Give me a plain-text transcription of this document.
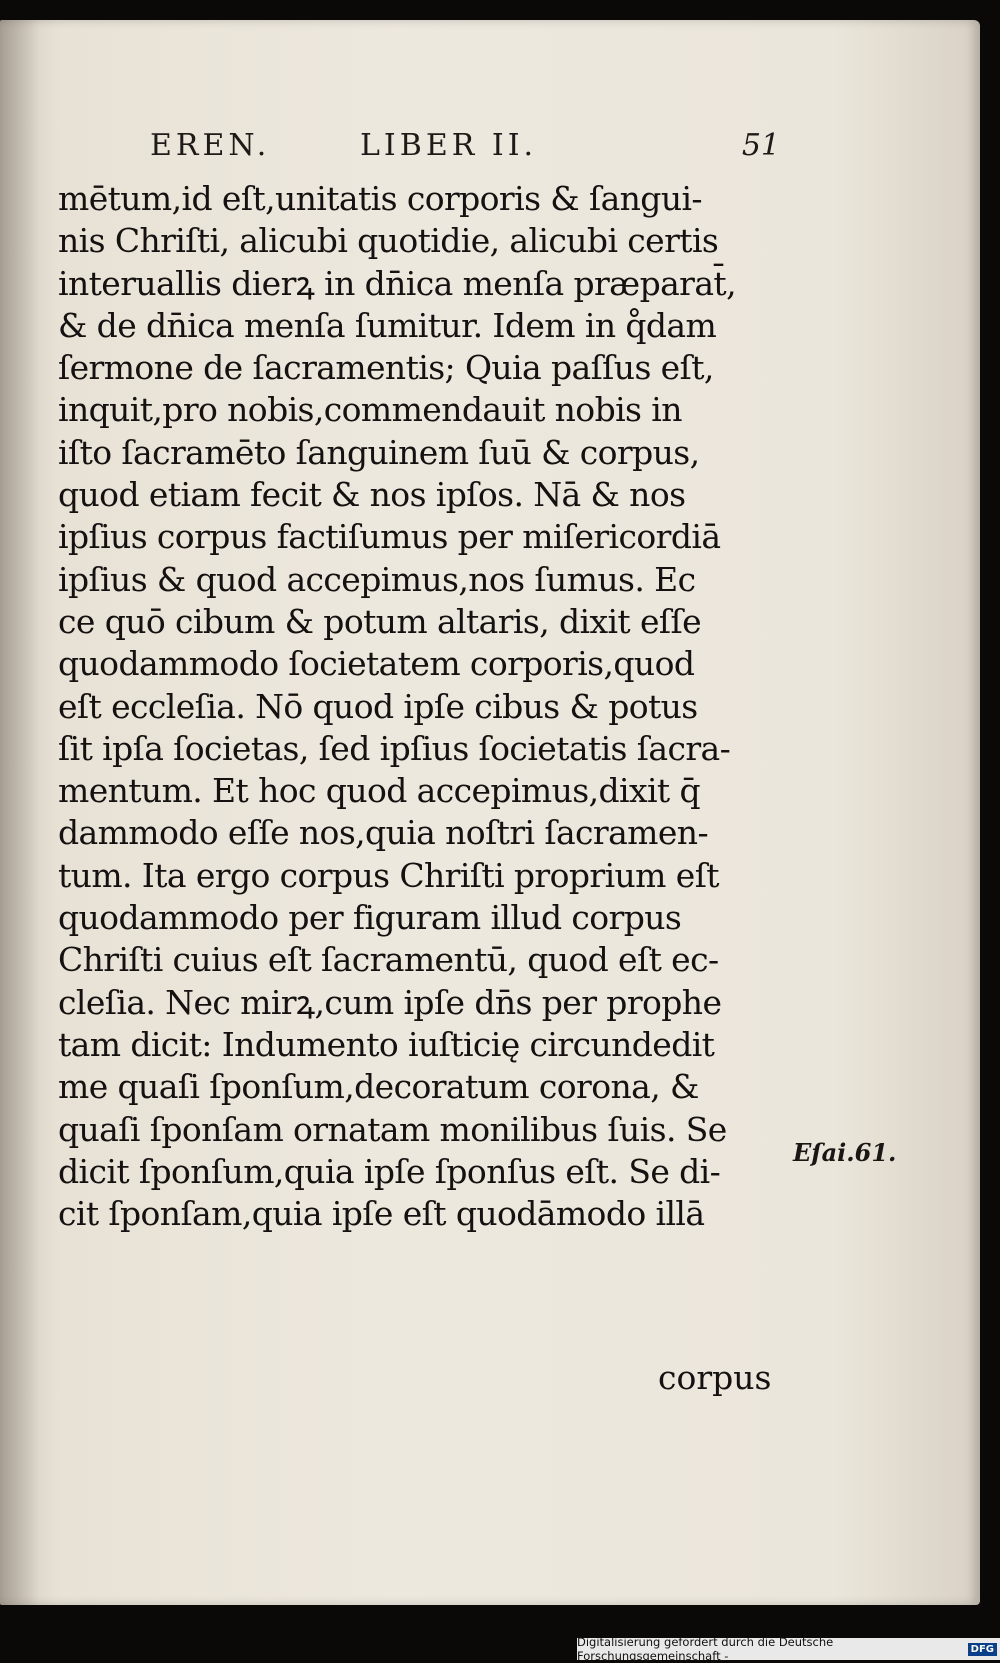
EREN.	LIBER II.	51
mētum,id eſt,unitatis corporis & ſangui-
nis Chriſti, alicubi quotidie, alicubi certis
interuallis dierꝝ in dn̄ica menſa præparat̄,
& de dn̄ica menſa ſumitur. Idem in q̊dam
ſermone de ſacramentis; Quia paſſus eſt,
inquit,pro nobis,commendauit nobis in
iſto ſacramēto ſanguinem ſuū & corpus,
quod etiam fecit & nos ipſos. Nā & nos
ipſius corpus factiſumus per miſericordiā
ipſius & quod accepimus,nos ſumus. Ec
ce quō cibum & potum altaris, dixit eſſe
quodammodo ſocietatem corporis,quod
eſt eccleſia. Nō quod ipſe cibus & potus
ſit ipſa ſocietas, ſed ipſius ſocietatis ſacra-
mentum. Et hoc quod accepimus,dixit q̄
dammodo eſſe nos,quia noſtri ſacramen-
tum. Ita ergo corpus Chriſti proprium eſt
quodammodo per figuram illud corpus
Chriſti cuius eſt ſacramentū, quod eſt ec-
cleſia. Nec mirꝝ,cum ipſe dn̄s per prophe
tam dicit: Indumento iuſticię circundedit
me quaſi ſponſum,decoratum corona, &
quaſi ſponſam ornatam monilibus ſuis. Se
dicit ſponſum,quia ipſe ſponſus eſt. Se di-
cit ſponſam,quia ipſe eſt quodāmodo illā
Eſai.61.
corpus
Digitalisierung gefördert durch die Deutsche Forschungsgemeinschaft -	DFG
